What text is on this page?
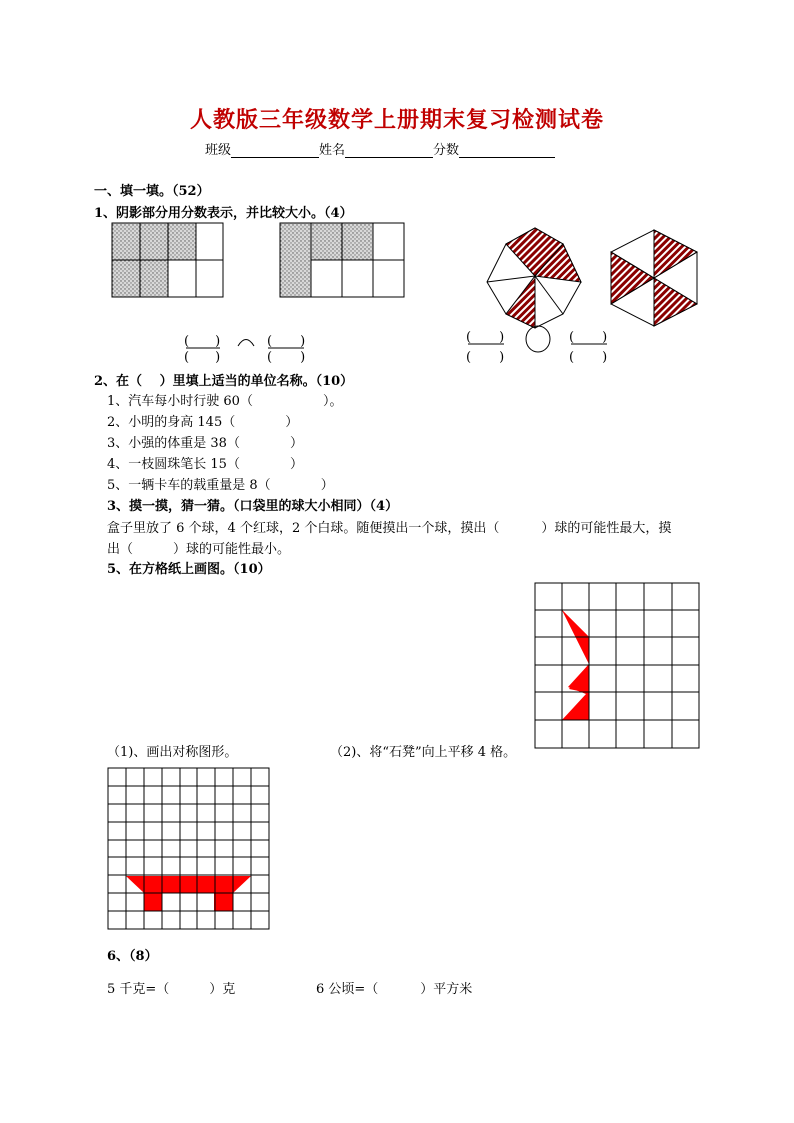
人教版三年级数学上册期末复习检测试卷
班级	姓名	分数
一、填一填。（52）
1、阴影部分用分数表示，并比较大小。（4）
( )
( )
( )
( )
( )
( )
( )
( )
2、在（　 ）里填上适当的单位名称。（10）
1、汽车每小时行驶 60（	）。
2、小明的身高 145（	）
3、小强的体重是 38（	）
4、一枝圆珠笔长 15（	）
5、一辆卡车的载重量是 8（	）
3、摸一摸，猜一猜。（口袋里的球大小相同）（4）
盒子里放了 6 个球，4 个红球，2 个白球。随便摸出一个球，摸出（	）球的可能性最大，摸
出（	）球的可能性最小。
5、在方格纸上画图。（10）
（1)、画出对称图形。	（2)、将“石凳”向上平移 4 格。
6、（8）
5 千克=（	）克	6 公顷=（	）平方米
